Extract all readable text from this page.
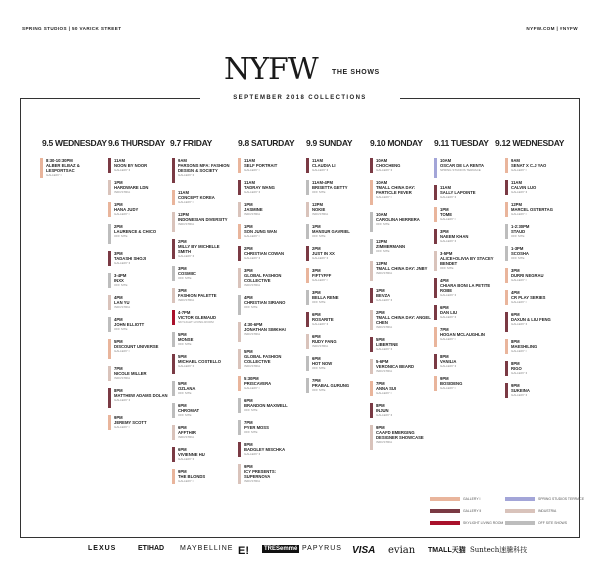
SPRING STUDIOS | 50 VARICK STREET	NYFW.COM | #NYFW
NYFW THE SHOWS
SEPTEMBER 2018 COLLECTIONS
9.5 WEDNESDAY
8:30-10:30PM
ALBER ELBAZ & LESPORTSAC
GALLERY I
9.6 THURSDAY
11AM
NOON BY NOOR
GALLERY II
1PM
HARDWARE LDN
INDUSTRIA
1PM
HANA JUDY
GALLERY I
2PM
LAURENCE & CHICO
OFF SITE
3PM
TADASHI SHOJI
GALLERY II
3-4PM
INXX
OFF SITE
4PM
LAN YU
INDUSTRIA
4PM
JOHN ELLIOTT
OFF SITE
5PM
DISCOUNT UNIVERSE
GALLERY I
7PM
NICOLE MILLER
INDUSTRIA
8PM
MATTHEW ADAMS DOLAN
GALLERY II
9PM
JEREMY SCOTT
GALLERY I
9.7 FRIDAY
9AM
PARSONS MFA: FASHION DESIGN & SOCIETY
GALLERY II
11AM
CONCEPT KOREA
GALLERY I
12PM
INDONESIAN DIVERSITY
INDUSTRIA
2PM
MILLY BY MICHELLE SMITH
GALLERY II
3PM
COSMIIC
OFF SITE
3PM
FASHION PALETTE
INDUSTRIA
4-7PM
VICTOR GLEMAUD
SKYLIGHT LIVING ROOM
5PM
MONSE
OFF SITE
5PM
MICHAEL COSTELLO
GALLERY II
5PM
OZLANA
OFF SITE
6PM
CHROMAT
OFF SITE
6PM
AFFTHIR
INDUSTRIA
6PM
VIVIENNE HU
GALLERY II
9PM
THE BLONDS
GALLERY I
9.8 SATURDAY
11AM
SELF PORTRAIT
GALLERY I
11AM
TADRAY WANG
GALLERY II
1PM
JASMINE
INDUSTRIA
1PM
SON JUNG WAN
GALLERY I
2PM
CHRISTIAN COWAN
GALLERY II
3PM
GLOBAL FASHION COLLECTIVE
INDUSTRIA
4PM
CHRISTIAN SIRIANO
OFF SITE
4:30-6PM
JONATHAN SIMKHAI
INDUSTRIA
5PM
GLOBAL FASHION COLLECTIVE
INDUSTRIA
5:30PM
PRISCAVERA
GALLERY I
6PM
BRANDON MAXWELL
OFF SITE
7PM
PYER MOSS
OFF SITE
8PM
BADGLEY MISCHKA
GALLERY II
9PM
ICY PRESENTS: SUPERNOVA
INDUSTRIA
9.9 SUNDAY
11AM
CLAUDIA LI
GALLERY II
11AM-4PM
BRISETTA GETTY
OFF SITE
12PM
NOKIE
INDUSTRIA
1PM
MANSUR GAVRIEL
OFF SITE
2PM
JUST IN XX
GALLERY II
3PM
FIFTYFFF
GALLERY I
3PM
BELLA RENE
OFF SITE
6PM
ROSARITE
GALLERY II
6PM
RUDY FANG
INDUSTRIA
6PM
HOT NOW
OFF SITE
7PM
PRABAL GURUNG
OFF SITE
9.10 MONDAY
10AM
CHOCHENG
GALLERY II
10AM
TMALL CHINA DAY: PARTICLE FEVER
GALLERY I
10AM
CAROLINA HERRERA
OFF SITE
12PM
ZIMMERMANN
OFF SITE
12PM
TMALL CHINA DAY: JNBY
INDUSTRIA
1PM
BEVZA
GALLERY II
2PM
TMALL CHINA DAY: ANGEL CHEN
INDUSTRIA
5PM
LIBERTINE
GALLERY II
5-6PM
VERONICA BEARD
INDUSTRIA
7PM
ANNA SUI
GALLERY I
8PM
INJUN
GALLERY II
9PM
CAAFD EMERGING DESIGNER SHOWCASE
INDUSTRIA
9.11 TUESDAY
10AM
OSCAR DE LA RENTA
SPRING STUDIOS TERRACE
11AM
SALLY LAPOINTE
GALLERY II
1PM
TOME
GALLERY I
3PM
NAEEM KHAN
GALLERY II
3-5PM
ALICE+OLIVIA BY STACEY BENDET
OFF SITE
4PM
CHIARA BONI LA PETITE ROBE
GALLERY II
6PM
DAN LIU
GALLERY II
7PM
HOGAN MCLAUGHLIN
GALLERY I
8PM
VANILIA
GALLERY II
9PM
BOSIDENG
GALLERY I
9.12 WEDNESDAY
9AM
SENAT X C.J YAO
GALLERY I
11AM
CALVIN LUO
GALLERY II
12PM
MARCEL OSTERTAG
GALLERY I
1-2:30PM
STAUD
OFF SITE
1-3PM
SCOSHA
OFF SITE
3PM
DURRI NEGRAU
GALLERY I
4PM
CR PLAY SERIES
GALLERY I
6PM
DAXUN & LIU FENG
GALLERY II
8PM
MAESHILING
GALLERY I
8PM
RIGO
GALLERY II
9PM
SUKEINA
GALLERY II
GALLERY I	SPRING STUDIOS TERRACE
GALLERY II	INDUSTRIA
SKYLIGHT LIVING ROOM	OFF SITE SHOWS
LEXUS	ETIHAD MAYBELLINE E!	TRESemmé PAPYRUS VISA evian TMALL天猫 Suntech速騰科技
